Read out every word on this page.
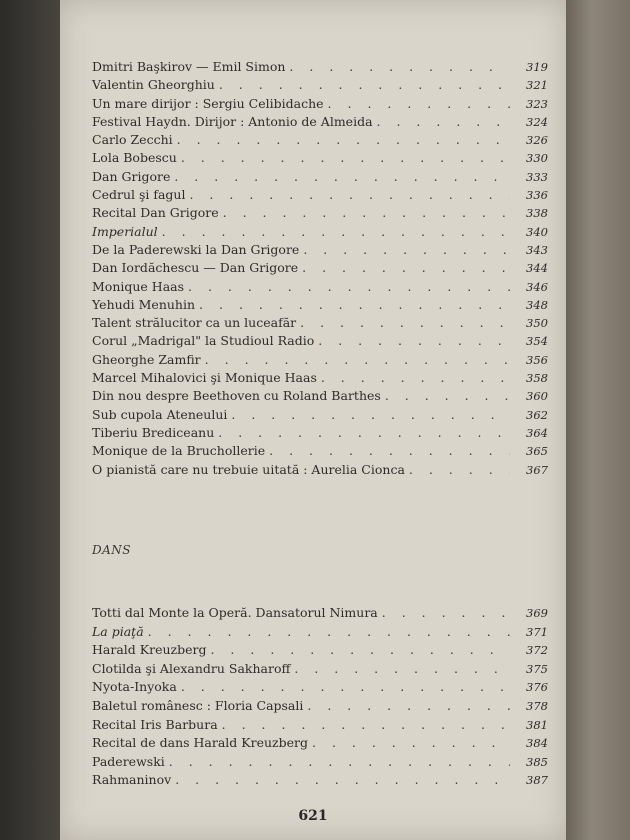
621
Dmitri Başkirov — Emil Simon . . .	319
Valentin Gheorghiu . . .	321
Un mare dirijor : Sergiu Celibidache . . .	323
Festival Haydn. Dirijor : Antonio de Almeida . . .	324
Carlo Zecchi . . .	326
Lola Bobescu . . .	330
Dan Grigore . . .	333
Cedrul şi fagul . . .	336
Recital Dan Grigore . . .	338
Imperialul . . .	340
De la Paderewski la Dan Grigore . . .	343
Dan Iordăchescu — Dan Grigore . . .	344
Monique Haas . . .	346
Yehudi Menuhin . . .	348
Talent strălucitor ca un luceafăr . . .	350
Corul „Madrigal" la Studioul Radio . . .	354
Gheorghe Zamfir . . .	356
Marcel Mihalovici şi Monique Haas . . .	358
Din nou despre Beethoven cu Roland Barthes . . .	360
Sub cupola Ateneului . . .	362
Tiberiu Brediceanu . . .	364
Monique de la Bruchollerie . . .	365
O pianistă care nu trebuie uitată : Aurelia Cionca . . .	367
DANS
Totti dal Monte la Operă. Dansatorul Nimura . . .	369
La piaţă . . .	371
Harald Kreuzberg . . .	372
Clotilda şi Alexandru Sakharoff . . .	375
Nyota-Inyoka . . .	376
Baletul românesc : Floria Capsali . . .	378
Recital Iris Barbura . . .	381
Recital de dans Harald Kreuzberg . . .	384
Paderewski . . .	385
Rahmaninov . . .	387
